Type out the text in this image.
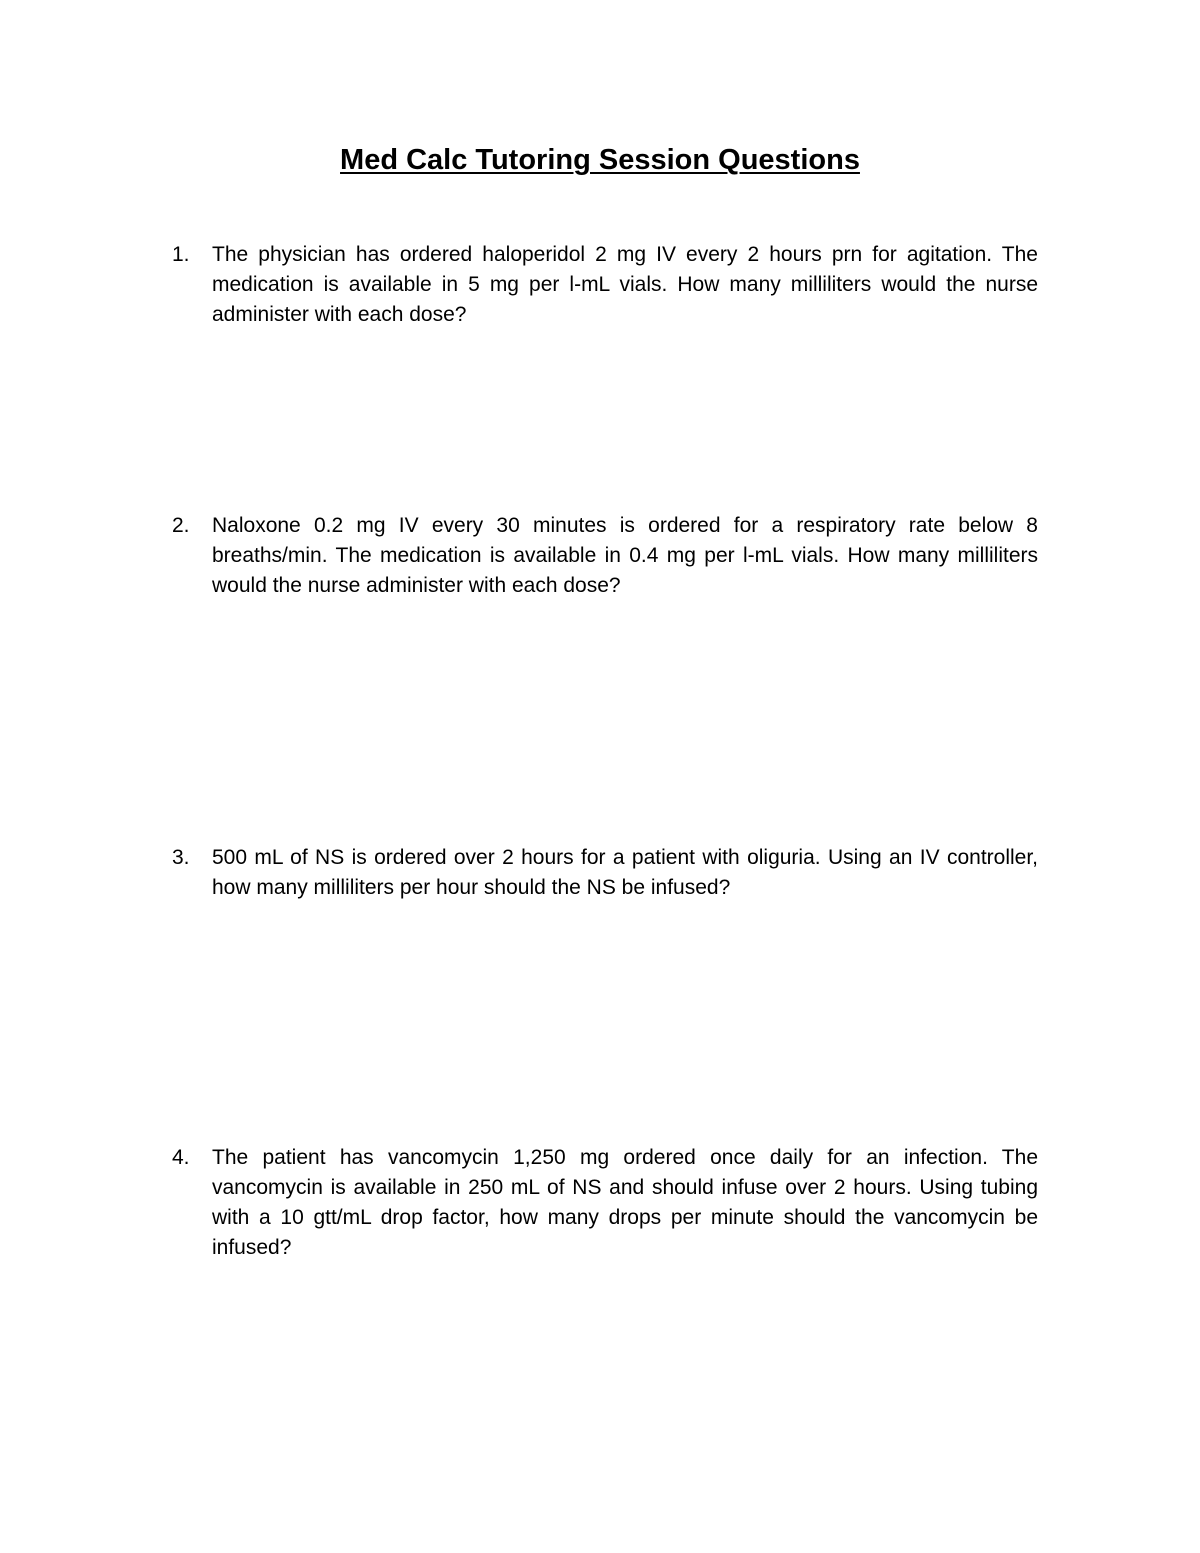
Med Calc Tutoring Session Questions
1. The physician has ordered haloperidol 2 mg IV every 2 hours prn for agitation. The medication is available in 5 mg per l-mL vials. How many milliliters would the nurse administer with each dose?
2. Naloxone 0.2 mg IV every 30 minutes is ordered for a respiratory rate below 8 breaths/min. The medication is available in 0.4 mg per l-mL vials. How many milliliters would the nurse administer with each dose?
3. 500 mL of NS is ordered over 2 hours for a patient with oliguria. Using an IV controller, how many milliliters per hour should the NS be infused?
4. The patient has vancomycin 1,250 mg ordered once daily for an infection. The vancomycin is available in 250 mL of NS and should infuse over 2 hours. Using tubing with a 10 gtt/mL drop factor, how many drops per minute should the vancomycin be infused?
